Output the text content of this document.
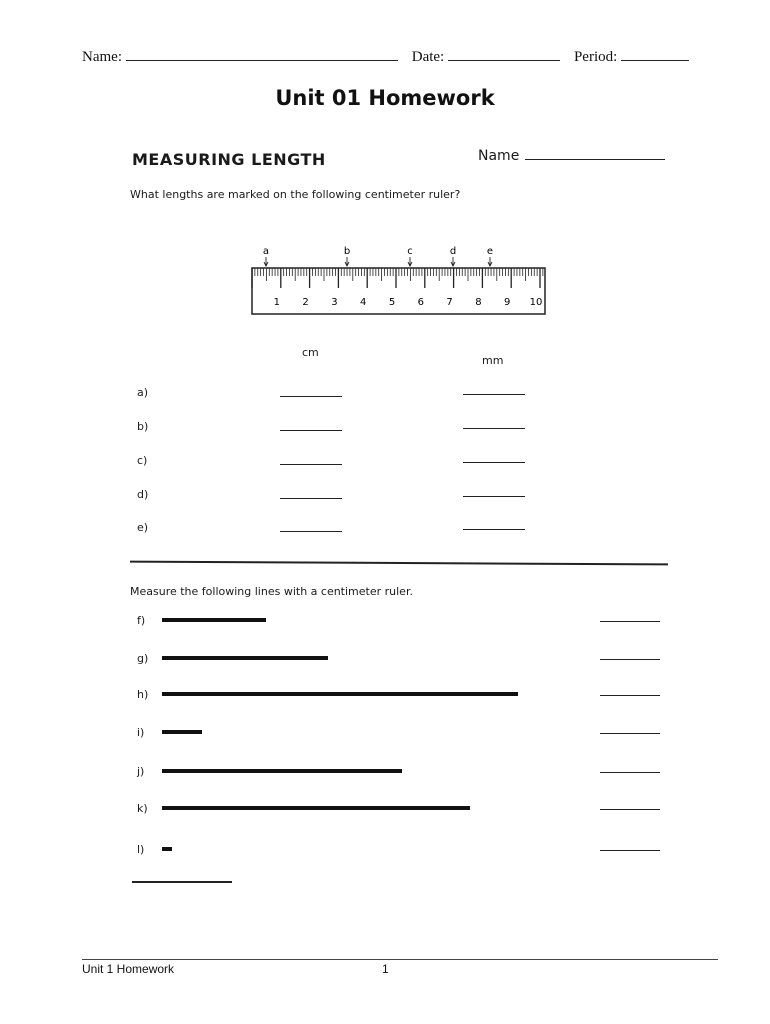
Name:	Date:	Period:
Unit 01 Homework
MEASURING LENGTH	Name
What lengths are marked on the following centimeter ruler?
a	b	c	d	e
1 2 3 4 5 6 7 8 9 10
cm
mm
a)
b)
c)
d)
e)
Measure the following lines with a centimeter ruler.
f)
g)
h)
i)
j)
k)
l)
Unit 1 Homework	1
